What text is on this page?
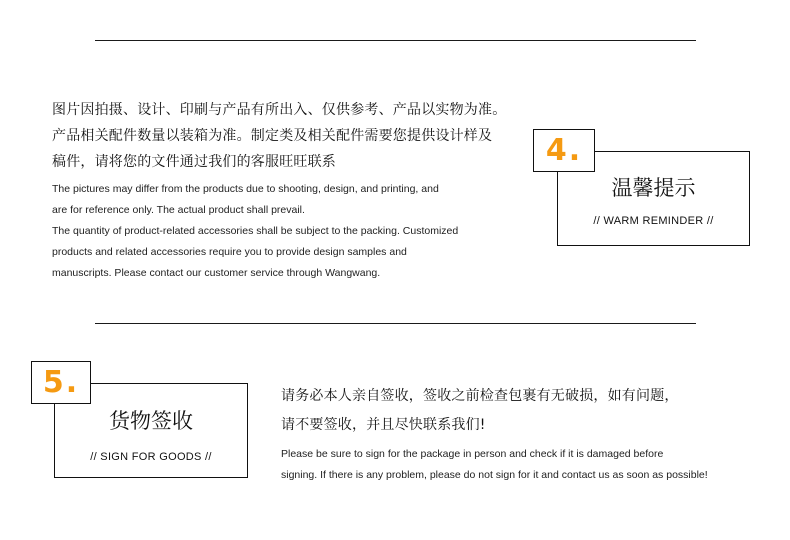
图片因拍摄、设计、印刷与产品有所出入、仅供参考、产品以实物为准。
产品相关配件数量以装箱为准。制定类及相关配件需要您提供设计样及
稿件，请将您的文件通过我们的客服旺旺联系
The pictures may differ from the products due to shooting, design, and printing, and
are for reference only. The actual product shall prevail.
The quantity of product-related accessories shall be subject to the packing. Customized
products and related accessories require you to provide design samples and
manuscripts. Please contact our customer service through Wangwang.
温馨提示
// WARM REMINDER //
4.
货物签收
// SIGN FOR GOODS //
5.	请务必本人亲自签收，签收之前检查包裹有无破损，如有问题，
请不要签收，并且尽快联系我们!
Please be sure to sign for the package in person and check if it is damaged before
signing. If there is any problem, please do not sign for it and contact us as soon as possible!
